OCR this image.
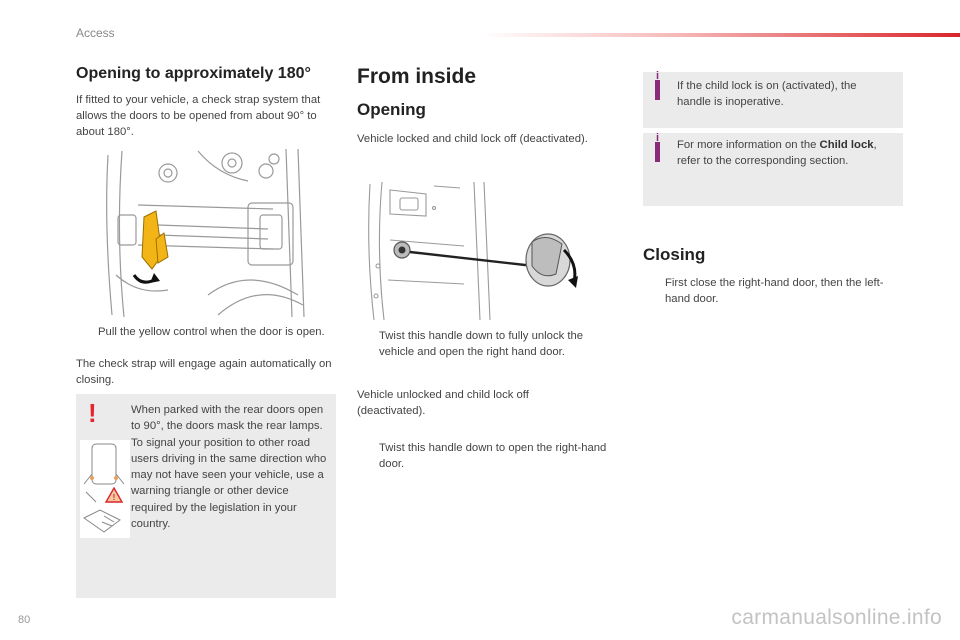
Access
Opening to approximately 180°
If fitted to your vehicle, a check strap system that allows the doors to be opened from about 90° to about 180°.
Pull the yellow control when the door is open.
The check strap will engage again automatically on closing.
!	When parked with the rear doors open to 90°, the doors mask the rear lamps. To signal your position to other road users driving in the same direction who may not have seen your vehicle, use a warning triangle or other device required by the legislation in your country.
!
From inside
Opening
Vehicle locked and child lock off (deactivated).
Twist this handle down to fully unlock the vehicle and open the right hand door.
Vehicle unlocked and child lock off (deactivated).
Twist this handle down to open the right-hand door.
i
If the child lock is on (activated), the handle is inoperative.
i
For more information on the Child lock, refer to the corresponding section.
Closing
First close the right-hand door, then the left-hand door.
80	carmanualsonline.info
